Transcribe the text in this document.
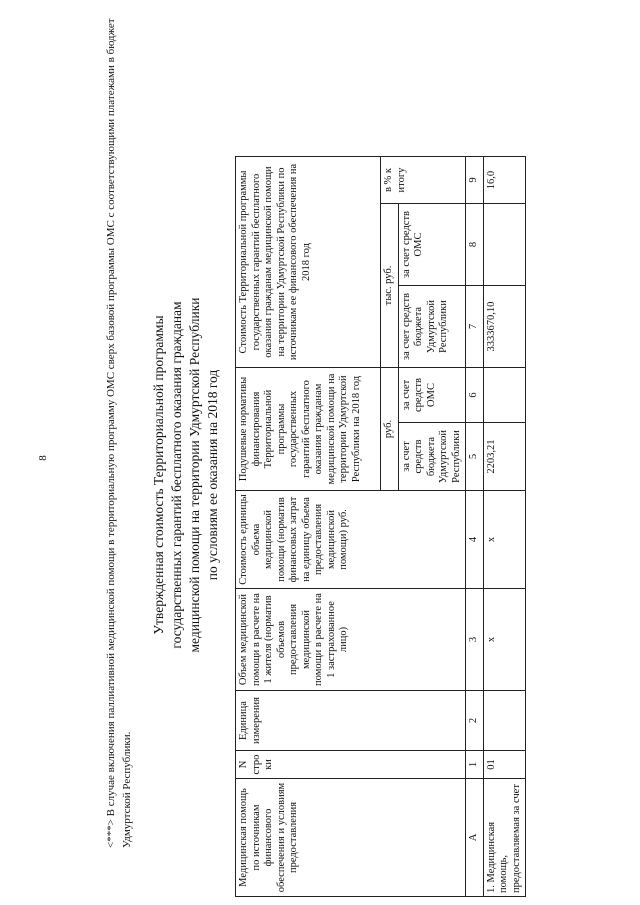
8	<***> В случае включения паллиативной медицинской помощи в территориальную программу ОМС сверх базовой программы ОМС с соответствующими платежами в бюджет Удмуртской Республики.
Утвержденная стоимость Территориальной программы государственных гарантий бесплатного оказания гражданам медицинской помощи на территории Удмуртской Республики по условиям ее оказания на 2018 год
Медицинская помощь по источникам финансового обеспечения и условиям предоставления	N стро ки	Единица измерения	Объем медицинской помощи в расчете на 1 жителя (норматив объемов предоставления медицинской помощи в расчете на 1 застрахованное лицо)	Стоимость единицы объема медицинской помощи (норматив финансовых затрат на единицу объема предоставления медицинской помощи) руб.	Подушевые нормативы финансирования Территориальной программы государственных гарантий бесплатного оказания гражданам медицинской помощи на территории Удмуртской Республики на 2018 год		Стоимость Территориальной программы государственных гарантий бесплатного оказания гражданам медицинской помощи на территории Удмуртской Республики по источникам ее финансового обеспечения на 2018 год		
					руб.		тыс. руб.		в % к итогу
					за счет средств бюджета Удмуртской Республики	за счет средств ОМС	за счет средств бюджета Удмуртской Республики	за счет средств ОМС	
А	1	2	3	4	5	6	7	8	9
1. Медицинская помощь, предоставляемая за счет	01		х	х	2203,21		3333670,10		16,0
